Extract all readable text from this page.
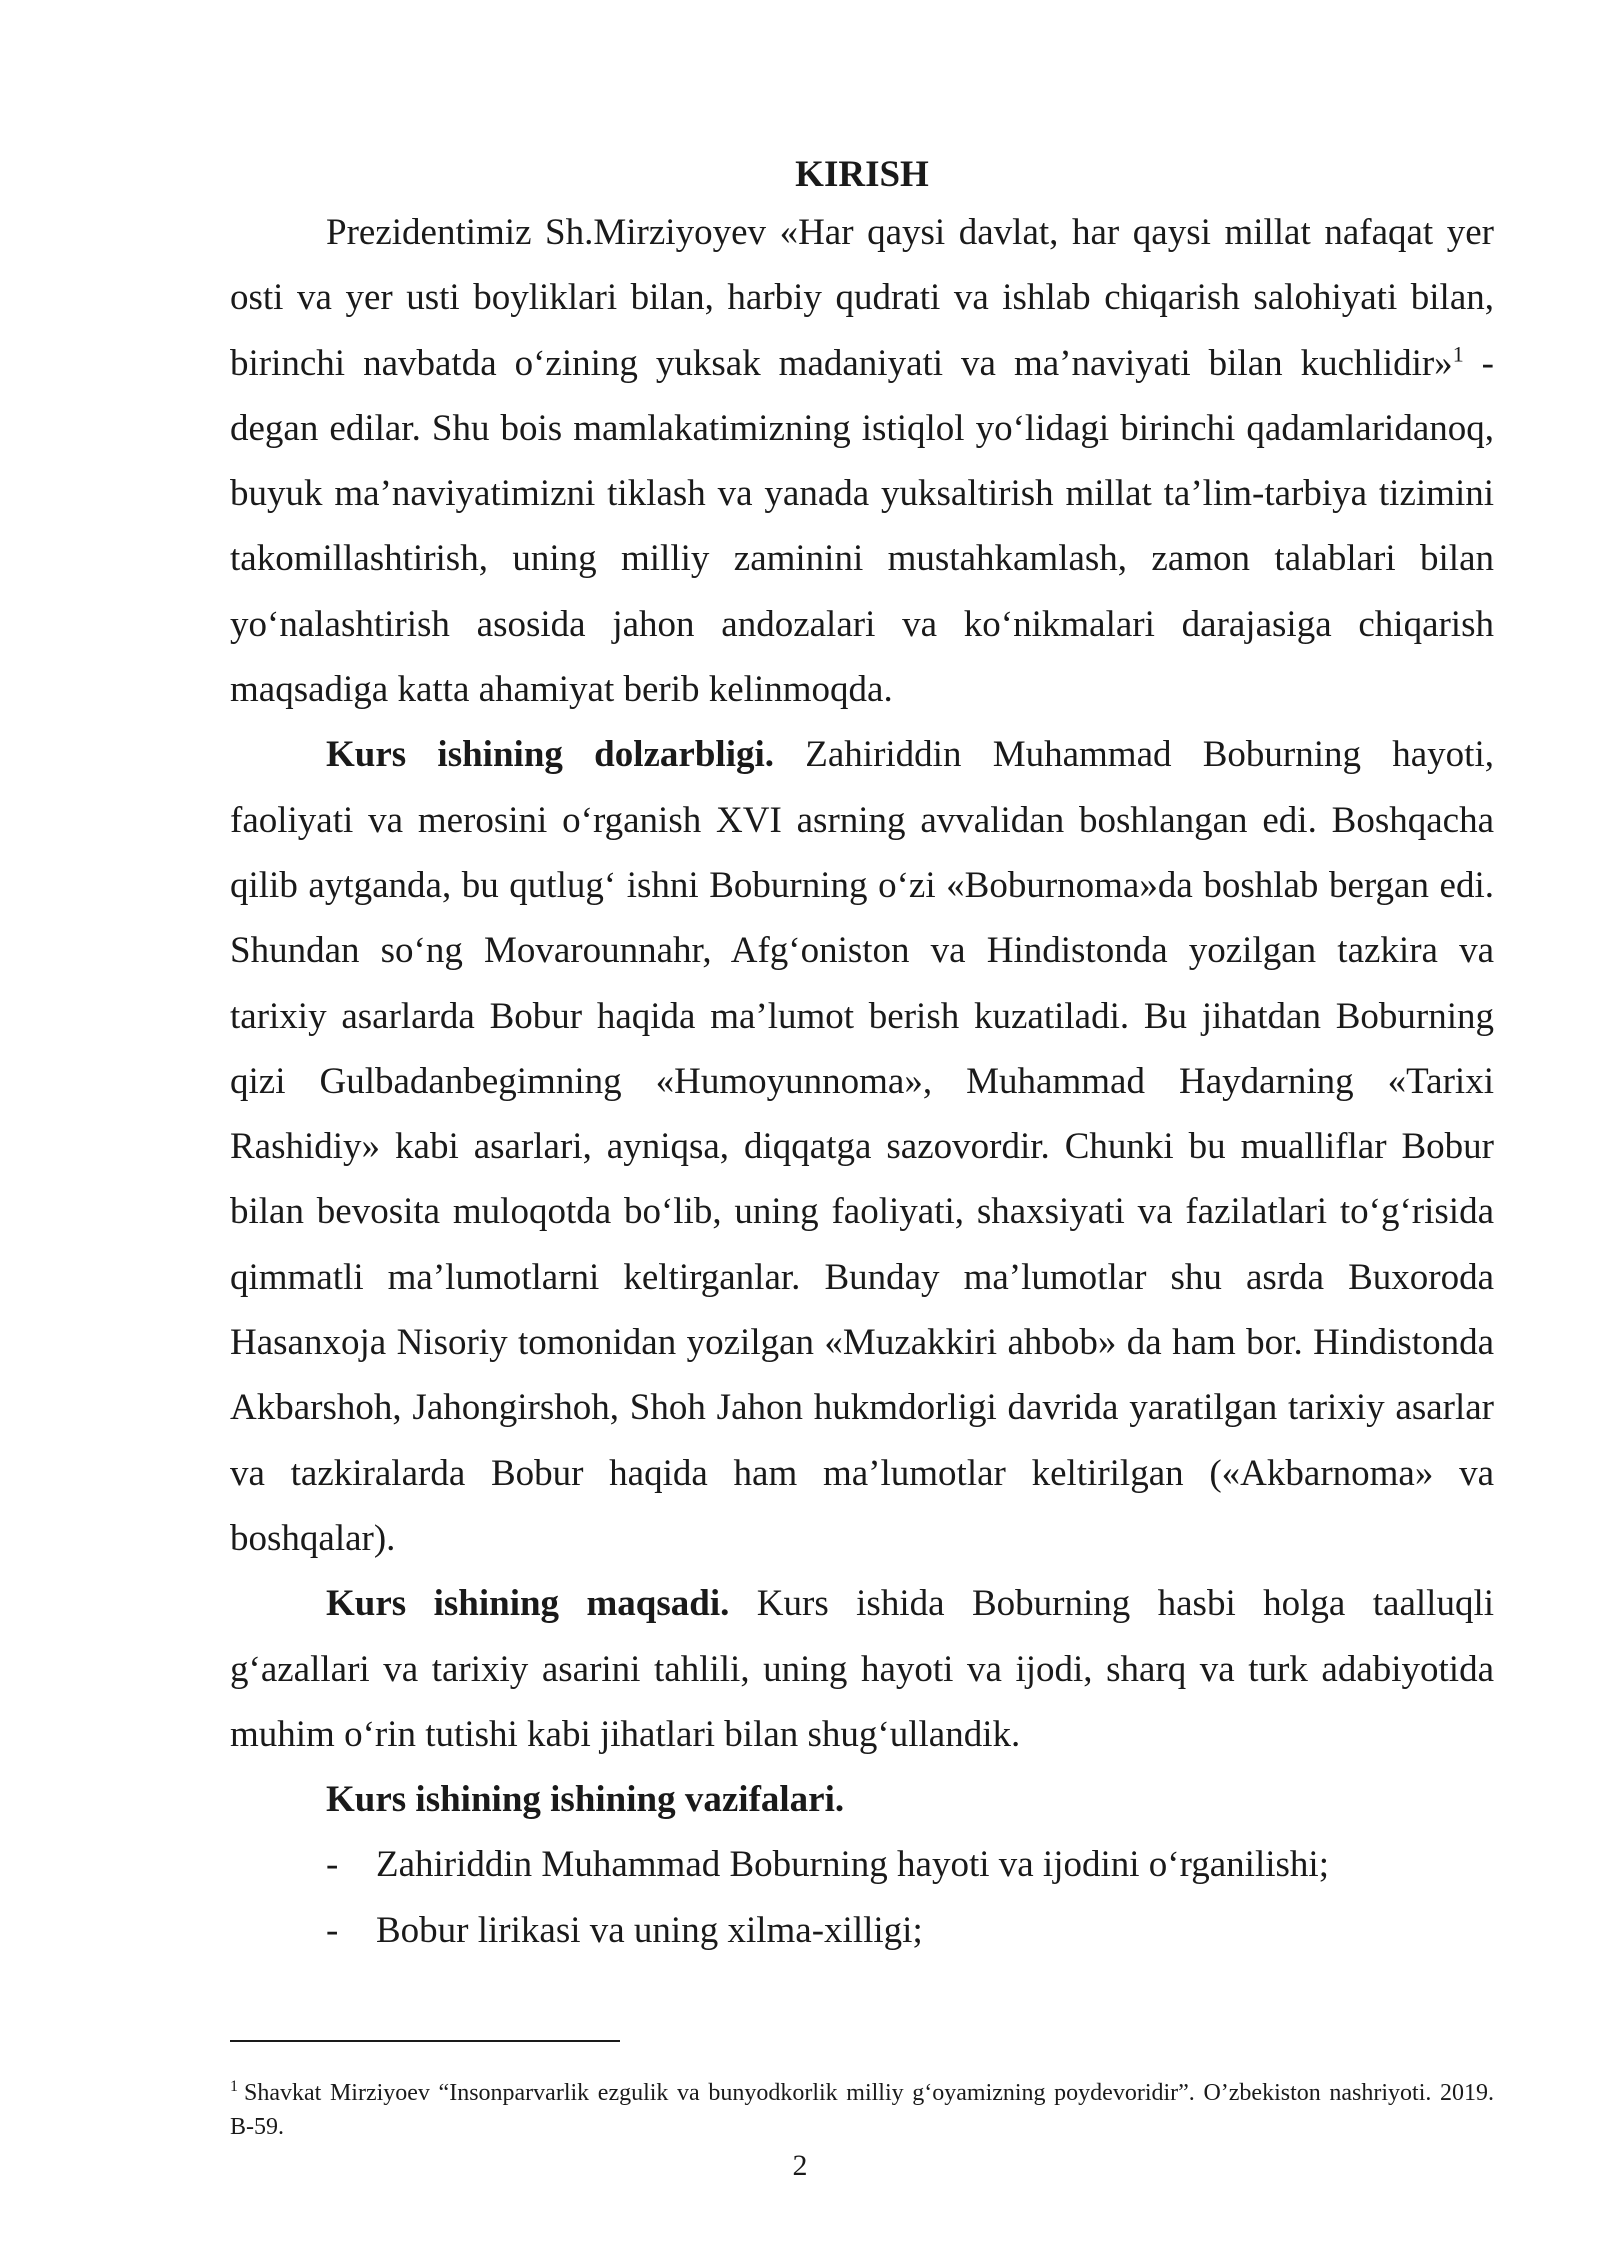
KIRISH

Prezidentimiz Sh.Mirziyoyev «Har qaysi davlat, har qaysi millat nafaqat yer osti va yer usti boyliklari bilan, harbiy qudrati va ishlab chiqarish salohiyati bilan, birinchi navbatda oʻzining yuksak madaniyati va maʼnaviyati bilan kuchlidir»$^1$ - degan edilar. Shu bois mamlakatimizning istiqlol yoʻlidagi birinchi qadamlaridanoq, buyuk maʼnaviyatimizni tiklash va yanada yuksaltirish millat taʼlim-tarbiya tizimini takomillashtirish, uning milliy zaminini mustahkamlash, zamon talablari bilan yoʻnalashtirish asosida jahon andozalari va koʻnikmalari darajasiga chiqarish maqsadiga katta ahamiyat berib kelinmoqda.

Kurs ishining dolzarbligi. Zahiriddin Muhammad Boburning hayoti, faoliyati va merosini oʻrganish XVI asrning avvalidan boshlangan edi. Boshqacha qilib aytganda, bu qutlugʻ ishni Boburning oʻzi «Boburnoma»da boshlab bergan edi. Shundan soʻng Movarounnahr, Afgʻoniston va Hindistonda yozilgan tazkira va tarixiy asarlarda Bobur haqida maʼlumot berish kuzatiladi. Bu jihatdan Boburning qizi Gulbadanbegimning «Humoyunnoma», Muhammad Haydarning «Tarixi Rashidiy» kabi asarlari, ayniqsa, diqqatga sazovordir. Chunki bu mualliflar Bobur bilan bevosita muloqotda boʻlib, uning faoliyati, shaxsiyati va fazilatlari toʻgʻrisida qimmatli maʼlumotlarni keltirganlar. Bunday maʼlumotlar shu asrda Buxoroda Hasanxoja Nisoriy tomonidan yozilgan «Muzakkiri ahbob» da ham bor. Hindistonda Akbarshoh, Jahongirshoh, Shoh Jahon hukmdorligi davrida yaratilgan tarixiy asarlar va tazkiralarda Bobur haqida ham maʼlumotlar keltirilgan («Akbarnoma» va boshqalar).

Kurs ishining maqsadi. Kurs ishida Boburning hasbi holga taalluqli gʻazallari va tarixiy asarini tahlili, uning hayoti va ijodi, sharq va turk adabiyotida muhim oʻrin tutishi kabi jihatlari bilan shugʻullandik.

Kurs ishining ishining vazifalari.

- Zahiriddin Muhammad Boburning hayoti va ijodini oʻrganilishi;
- Bobur lirikasi va uning xilma-xilligi;

$^1$ Shavkat Mirziyoev “Insonparvarlik ezgulik va bunyodkorlik milliy gʻoyamizning poydevoridir”. O’zbekiston nashriyoti. 2019. B-59.

2
